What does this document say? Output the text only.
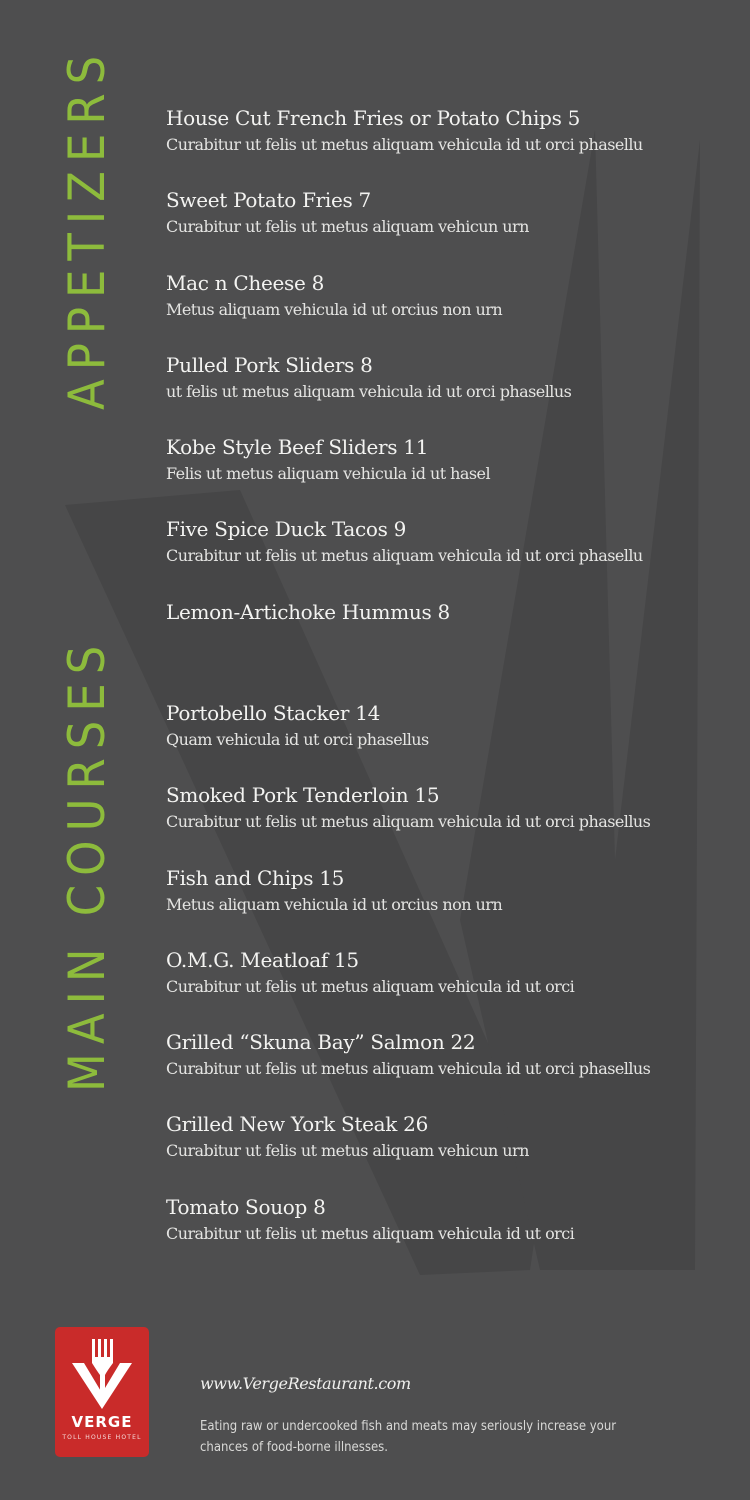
APPETIZERS
MAIN COURSES
House Cut French Fries or Potato Chips 5
Curabitur ut felis ut metus aliquam vehicula id ut orci phasellu
Sweet Potato Fries 7
Curabitur ut felis ut metus aliquam vehicun urn
Mac n Cheese 8
Metus aliquam vehicula id ut orcius non urn
Pulled Pork Sliders 8
ut felis ut metus aliquam vehicula id ut orci phasellus
Kobe Style Beef Sliders 11
Felis ut metus aliquam vehicula id ut hasel
Five Spice Duck Tacos 9
Curabitur ut felis ut metus aliquam vehicula id ut orci phasellu
Lemon-Artichoke Hummus 8
Portobello Stacker 14
Quam vehicula id ut orci phasellus
Smoked Pork Tenderloin 15
Curabitur ut felis ut metus aliquam vehicula id ut orci phasellus
Fish and Chips 15
Metus aliquam vehicula id ut orcius non urn
O.M.G. Meatloaf 15
Curabitur ut felis ut metus aliquam vehicula id ut orci
Grilled “Skuna Bay” Salmon 22
Curabitur ut felis ut metus aliquam vehicula id ut orci phasellus
Grilled New York Steak 26
Curabitur ut felis ut metus aliquam vehicun urn
Tomato Souop 8
Curabitur ut felis ut metus aliquam vehicula id ut orci
VERGE
TOLL HOUSE HOTEL
www.VergeRestaurant.com
Eating raw or undercooked fish and meats may seriously increase your chances of food-borne illnesses.
